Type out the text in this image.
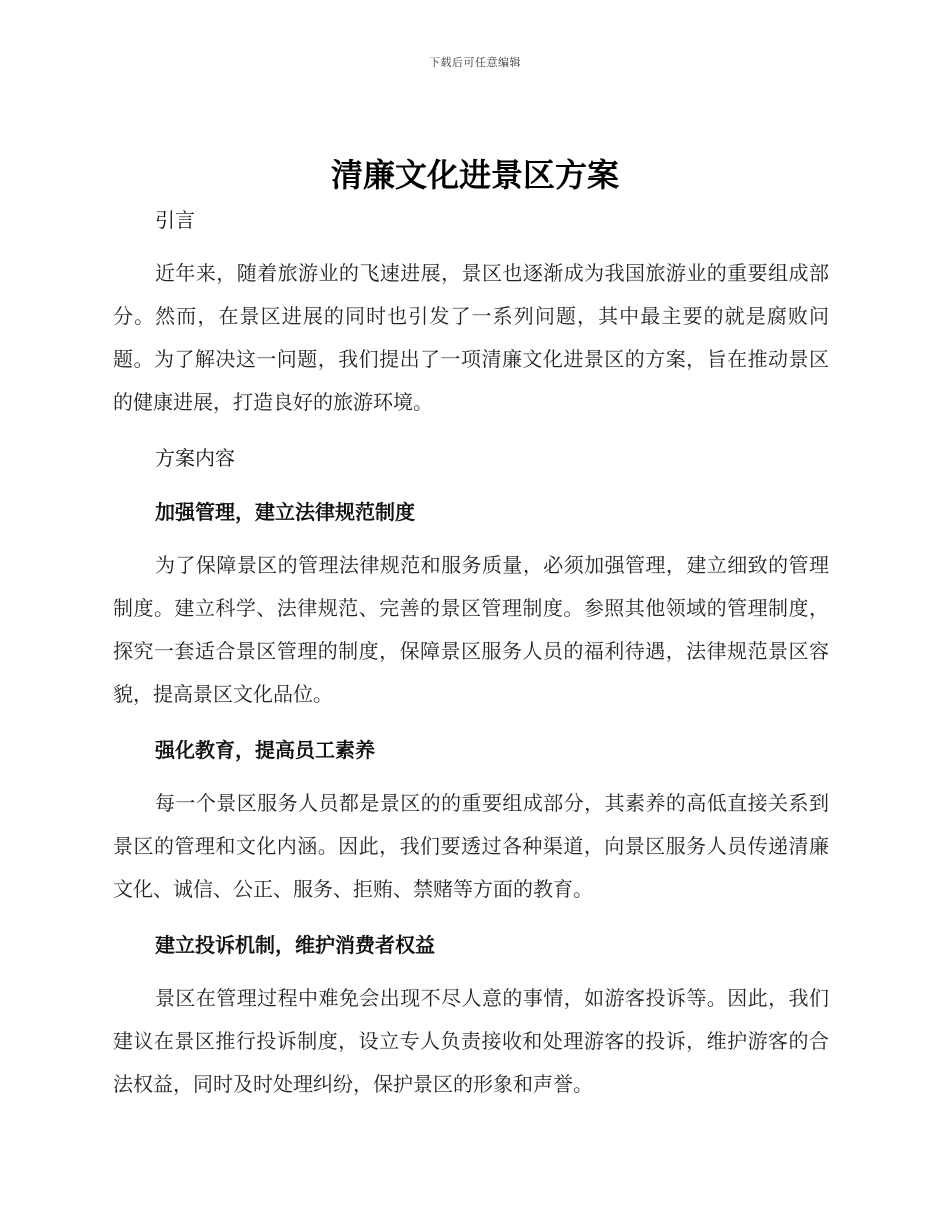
下载后可任意编辑
清廉文化进景区方案

引言

近年来，随着旅游业的飞速进展，景区也逐渐成为我国旅游业的重要组成部分。然而，在景区进展的同时也引发了一系列问题，其中最主要的就是腐败问题。为了解决这一问题，我们提出了一项清廉文化进景区的方案，旨在推动景区的健康进展，打造良好的旅游环境。

方案内容

加强管理，建立法律规范制度

为了保障景区的管理法律规范和服务质量，必须加强管理，建立细致的管理制度。建立科学、法律规范、完善的景区管理制度。参照其他领域的管理制度，探究一套适合景区管理的制度，保障景区服务人员的福利待遇，法律规范景区容貌，提高景区文化品位。

强化教育，提高员工素养

每一个景区服务人员都是景区的的重要组成部分，其素养的高低直接关系到景区的管理和文化内涵。因此，我们要透过各种渠道，向景区服务人员传递清廉文化、诚信、公正、服务、拒贿、禁赌等方面的教育。

建立投诉机制，维护消费者权益

景区在管理过程中难免会出现不尽人意的事情，如游客投诉等。因此，我们建议在景区推行投诉制度，设立专人负责接收和处理游客的投诉，维护游客的合法权益，同时及时处理纠纷，保护景区的形象和声誉。
